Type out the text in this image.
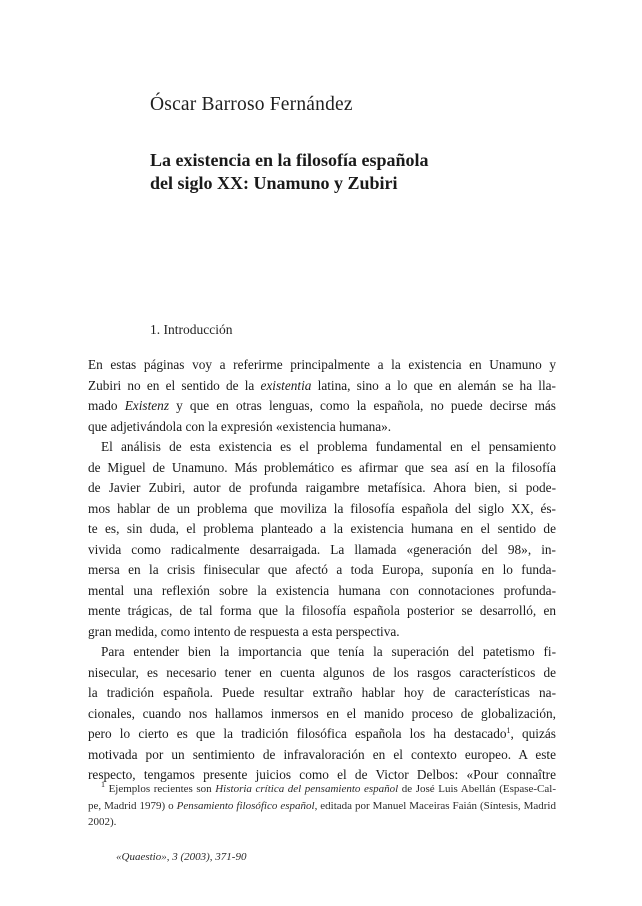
Óscar Barroso Fernández
La existencia en la filosofía española
del siglo XX: Unamuno y Zubiri
1. Introducción
En estas páginas voy a referirme principalmente a la existencia en Unamuno y
Zubiri no en el sentido de la existentia latina, sino a lo que en alemán se ha lla-
mado Existenz y que en otras lenguas, como la española, no puede decirse más
que adjetivándola con la expresión «existencia humana».
El análisis de esta existencia es el problema fundamental en el pensamiento
de Miguel de Unamuno. Más problemático es afirmar que sea así en la filosofía
de Javier Zubiri, autor de profunda raigambre metafísica. Ahora bien, si pode-
mos hablar de un problema que moviliza la filosofía española del siglo XX, és-
te es, sin duda, el problema planteado a la existencia humana en el sentido de
vivida como radicalmente desarraigada. La llamada «generación del 98», in-
mersa en la crisis finisecular que afectó a toda Europa, suponía en lo funda-
mental una reflexión sobre la existencia humana con connotaciones profunda-
mente trágicas, de tal forma que la filosofía española posterior se desarrolló, en
gran medida, como intento de respuesta a esta perspectiva.
Para entender bien la importancia que tenía la superación del patetismo fi-
nisecular, es necesario tener en cuenta algunos de los rasgos característicos de
la tradición española. Puede resultar extraño hablar hoy de características na-
cionales, cuando nos hallamos inmersos en el manido proceso de globalización,
pero lo cierto es que la tradición filosófica española los ha destacado$^1$, quizás
motivada por un sentimiento de infravaloración en el contexto europeo. A este
respecto, tengamos presente juicios como el de Victor Delbos: «Pour connaître
$^1$ Ejemplos recientes son Historia crítica del pensamiento español de José Luis Abellán (Espase-Cal-
pe, Madrid 1979) o Pensamiento filosófico español, editada por Manuel Maceiras Faián (Síntesis, Madrid
2002).
«Quaestio», 3 (2003), 371-90
